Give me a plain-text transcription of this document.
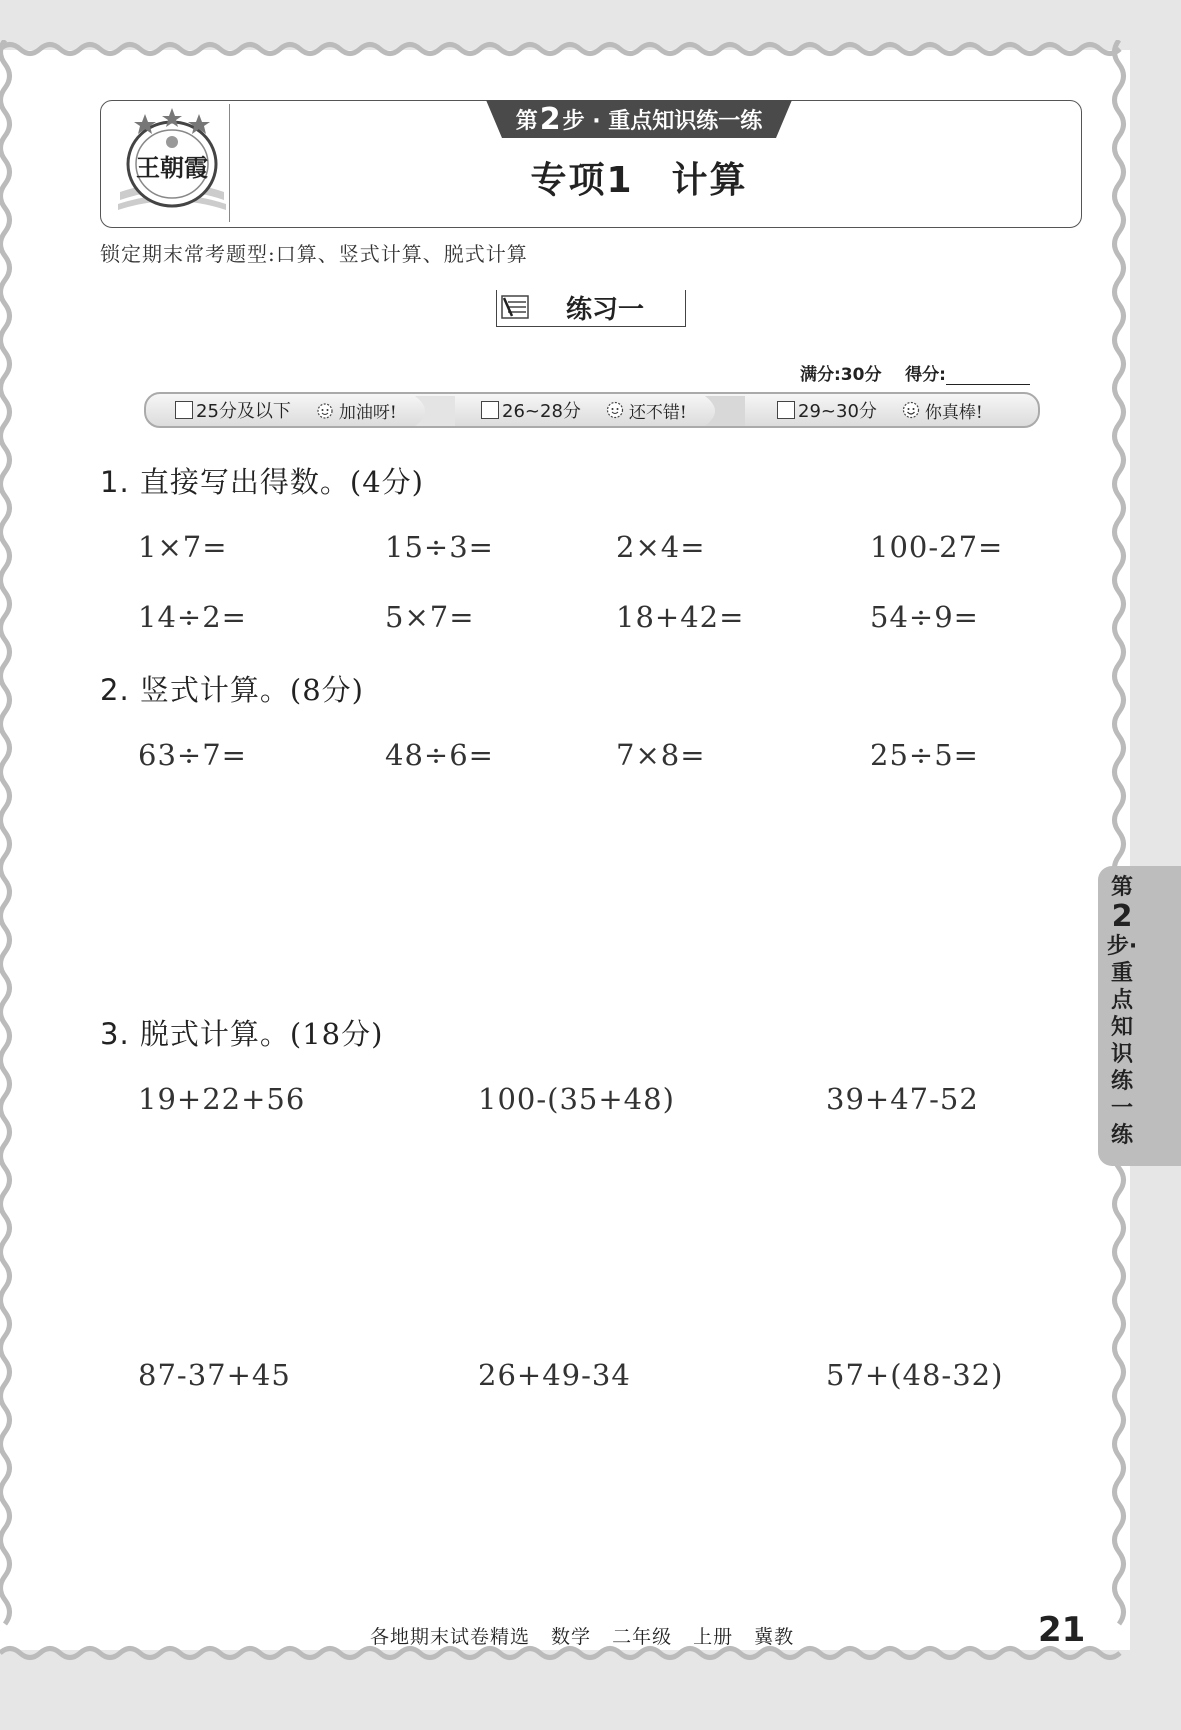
王朝霞
第 2 步 · 重点知识练一练
专项1　计算
锁定期末常考题型:口算、竖式计算、脱式计算
练习一
满分:30分 得分:
25分及以下	加油呀!	26~28分	还不错!	29~30分	你真棒!
1. 直接写出得数。(4分)
1×7=	15÷3=	2×4=	100-27=
14÷2=	5×7=	18+42=	54÷9=
2. 竖式计算。(8分)
63÷7=	48÷6=	7×8=	25÷5=
3. 脱式计算。(18分)
19+22+56	100-(35+48)	39+47-52
87-37+45	26+49-34	57+(48-32)
第
2
步·重点知识练一练
各地期末试卷精选 数学 二年级 上册 冀教	21
